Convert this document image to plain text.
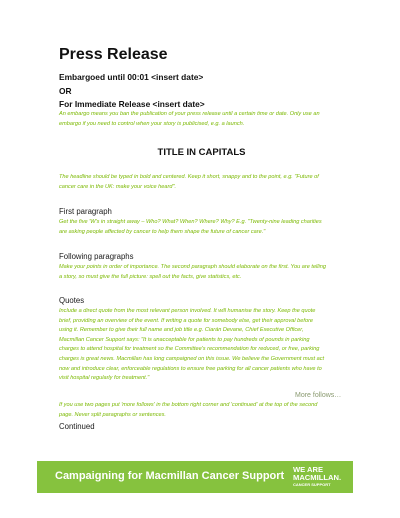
Press Release
Embargoed until 00:01 <insert date>
OR
For Immediate Release <insert date>
An embargo means you ban the publication of your press release until a certain time or date. Only use an
embargo if you need to control when your story is publicised, e.g. a launch.
TITLE IN CAPITALS
The headline should be typed in bold and centered. Keep it short, snappy and to the point, e.g. "Future of
cancer care in the UK: make your voice heard".
First paragraph
Get the five 'W's in straight away – Who? What? When? Where? Why? E.g. "Twenty-nine leading charities
are asking people affected by cancer to help them shape the future of cancer care."
Following paragraphs
Make your points in order of importance. The second paragraph should elaborate on the first. You are telling
a story, so must give the full picture: spell out the facts, give statistics, etc.
Quotes
Include a direct quote from the most relevant person involved. It will humanise the story. Keep the quote
brief, providing an overview of the event. If writing a quote for somebody else, get their approval before
using it. Remember to give their full name and job title e.g. Ciarán Devane, Chief Executive Officer,
Macmillan Cancer Support says: "It is unacceptable for patients to pay hundreds of pounds in parking
charges to attend hospital for treatment so the Committee's recommendation for reduced, or free, parking
charges is great news. Macmillan has long campaigned on this issue. We believe the Government must act
now and introduce clear, enforceable regulations to ensure free parking for all cancer patients who have to
visit hospital regularly for treatment."
More follows…
If you use two pages put 'more follows' in the bottom right corner and 'continued' at the top of the second
page. Never split paragraphs or sentences.
Continued
Campaigning for Macmillan Cancer Support
WE ARE
MACMILLAN.
CANCER SUPPORT
